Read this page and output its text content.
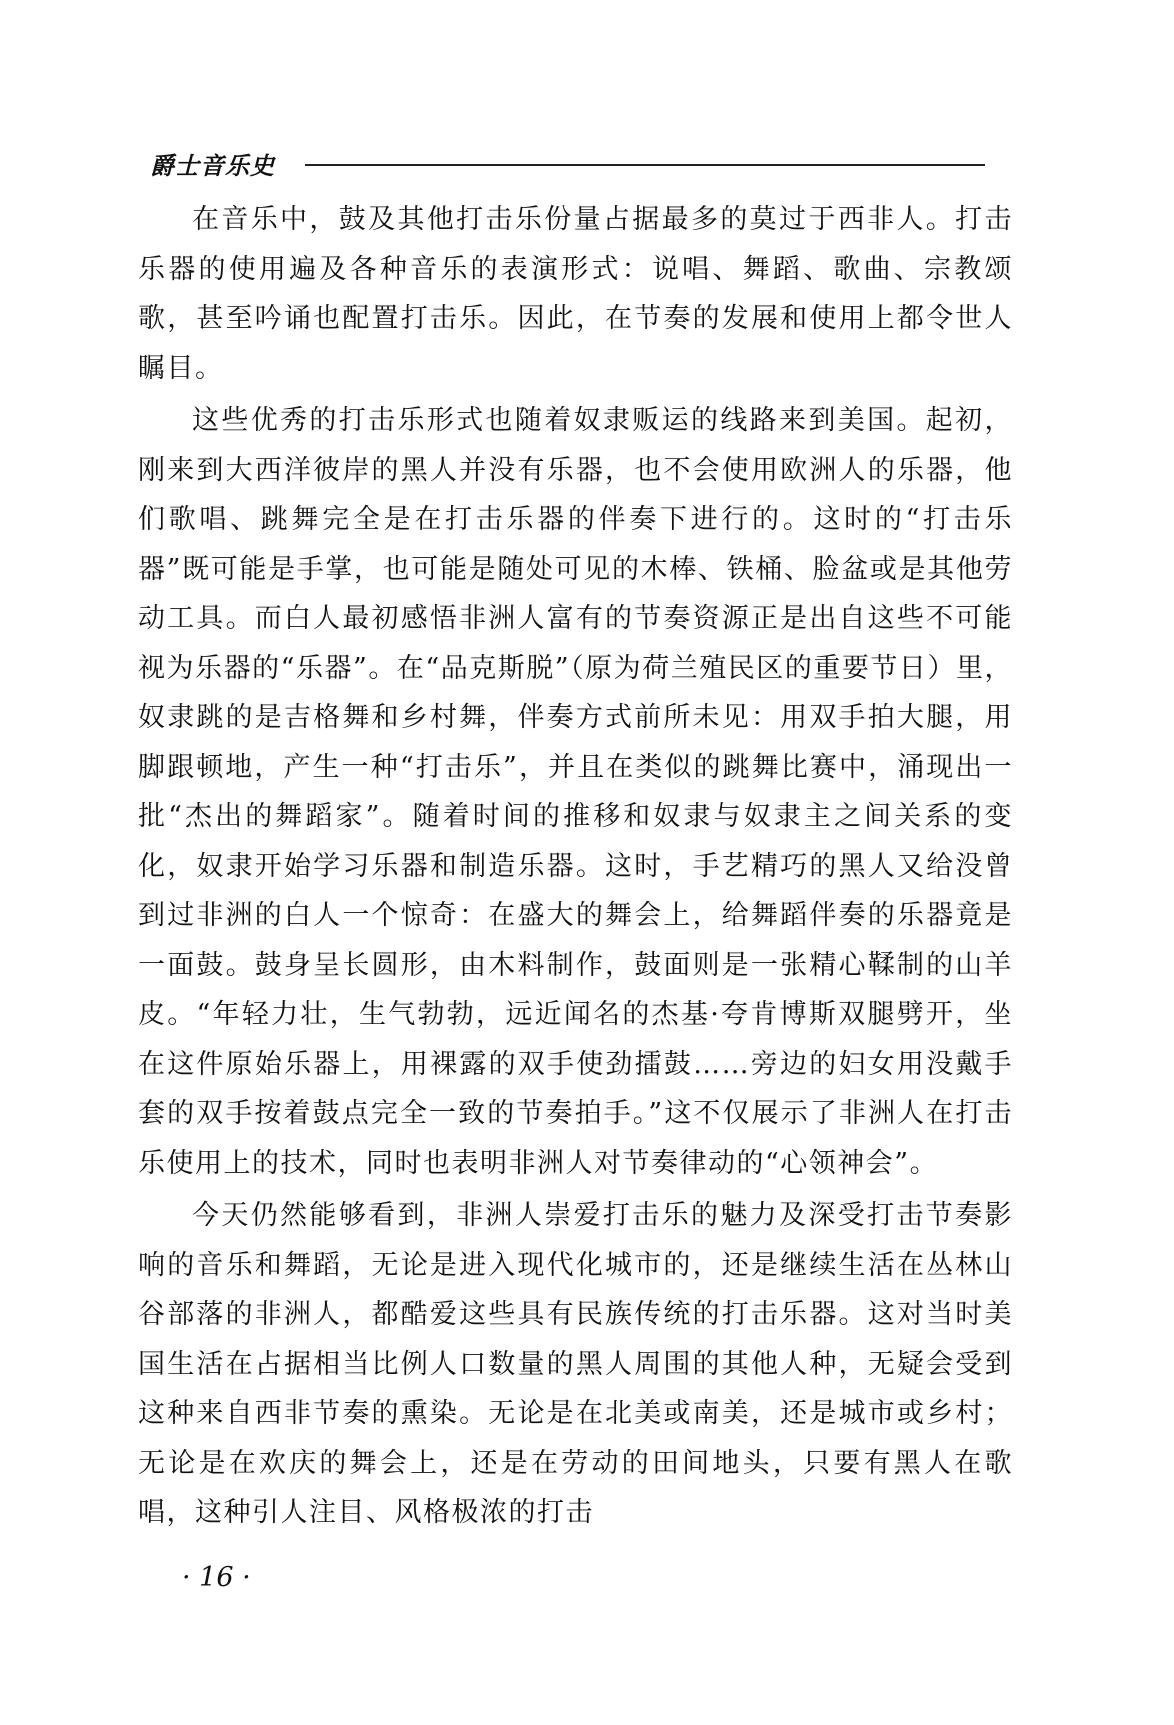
爵士音乐史

在音乐中，鼓及其他打击乐份量占据最多的莫过于西非人。打击乐器的使用遍及各种音乐的表演形式：说唱、舞蹈、歌曲、宗教颂歌，甚至吟诵也配置打击乐。因此，在节奏的发展和使用上都令世人瞩目。

这些优秀的打击乐形式也随着奴隶贩运的线路来到美国。起初，刚来到大西洋彼岸的黑人并没有乐器，也不会使用欧洲人的乐器，他们歌唱、跳舞完全是在打击乐器的伴奏下进行的。这时的“打击乐器”既可能是手掌，也可能是随处可见的木棒、铁桶、脸盆或是其他劳动工具。而白人最初感悟非洲人富有的节奏资源正是出自这些不可能视为乐器的“乐器”。在“品克斯脱”（原为荷兰殖民区的重要节日）里，奴隶跳的是吉格舞和乡村舞，伴奏方式前所未见：用双手拍大腿，用脚跟顿地，产生一种“打击乐”，并且在类似的跳舞比赛中，涌现出一批“杰出的舞蹈家”。随着时间的推移和奴隶与奴隶主之间关系的变化，奴隶开始学习乐器和制造乐器。这时，手艺精巧的黑人又给没曾到过非洲的白人一个惊奇：在盛大的舞会上，给舞蹈伴奏的乐器竟是一面鼓。鼓身呈长圆形，由木料制作，鼓面则是一张精心鞣制的山羊皮。“年轻力壮，生气勃勃，远近闻名的杰基·夸肯博斯双腿劈开，坐在这件原始乐器上，用裸露的双手使劲擂鼓……旁边的妇女用没戴手套的双手按着鼓点完全一致的节奏拍手。”这不仅展示了非洲人在打击乐使用上的技术，同时也表明非洲人对节奏律动的“心领神会”。

今天仍然能够看到，非洲人崇爱打击乐的魅力及深受打击节奏影响的音乐和舞蹈，无论是进入现代化城市的，还是继续生活在丛林山谷部落的非洲人，都酷爱这些具有民族传统的打击乐器。这对当时美国生活在占据相当比例人口数量的黑人周围的其他人种，无疑会受到这种来自西非节奏的熏染。无论是在北美或南美，还是城市或乡村；无论是在欢庆的舞会上，还是在劳动的田间地头，只要有黑人在歌唱，这种引人注目、风格极浓的打击

· 16 ·
